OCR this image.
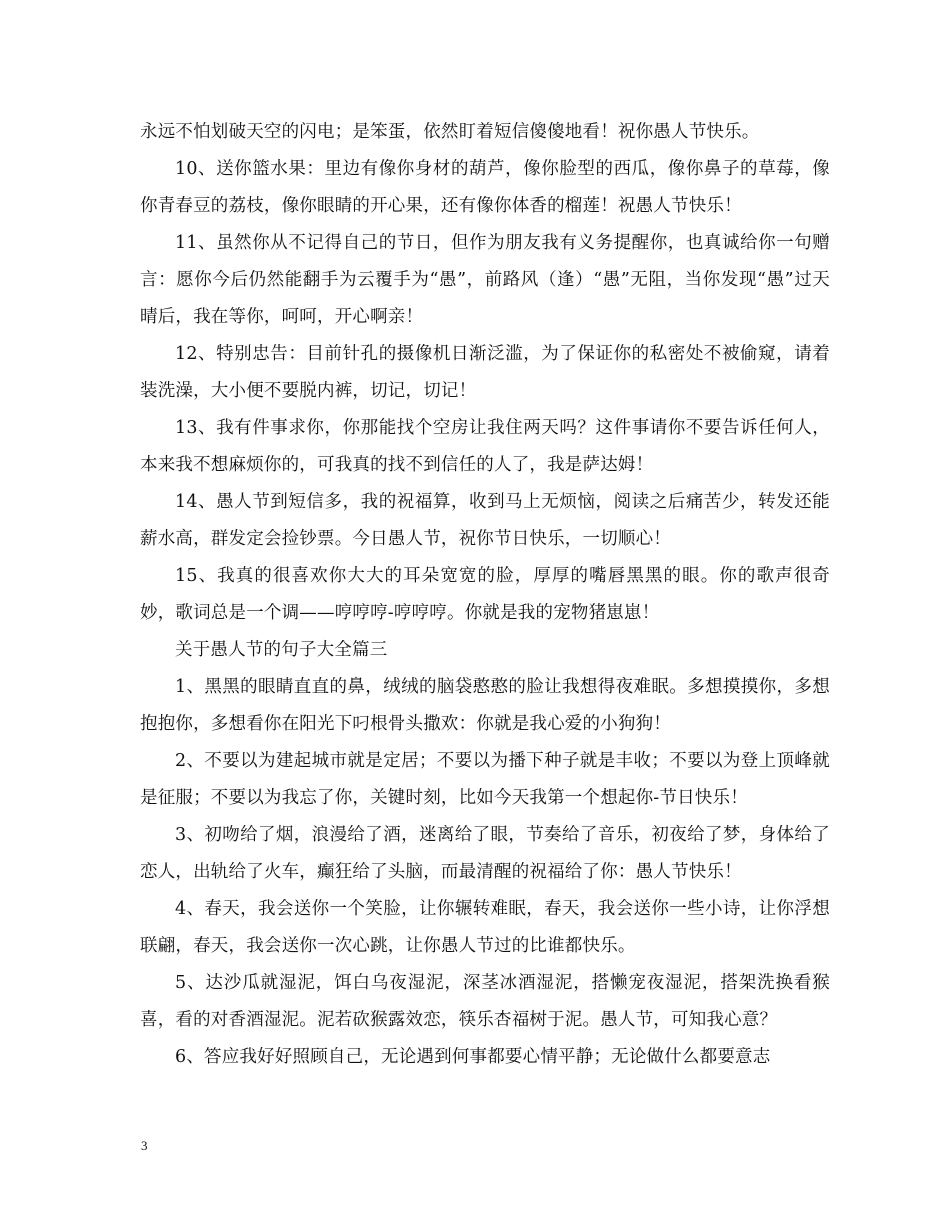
永远不怕划破天空的闪电；是笨蛋，依然盯着短信傻傻地看！祝你愚人节快乐。

10、送你篮水果：里边有像你身材的葫芦，像你脸型的西瓜，像你鼻子的草莓，像你青春豆的荔枝，像你眼睛的开心果，还有像你体香的榴莲！祝愚人节快乐！

11、虽然你从不记得自己的节日，但作为朋友我有义务提醒你，也真诚给你一句赠言：愿你今后仍然能翻手为云覆手为“愚”，前路风（逢）“愚”无阻，当你发现“愚”过天晴后，我在等你，呵呵，开心啊亲！

12、特别忠告：目前针孔的摄像机日渐泛滥，为了保证你的私密处不被偷窥，请着装洗澡，大小便不要脱内裤，切记，切记！

13、我有件事求你，你那能找个空房让我住两天吗？这件事请你不要告诉任何人，本来我不想麻烦你的，可我真的找不到信任的人了，我是萨达姆！

14、愚人节到短信多，我的祝福算，收到马上无烦恼，阅读之后痛苦少，转发还能薪水高，群发定会捡钞票。今日愚人节，祝你节日快乐，一切顺心！

15、我真的很喜欢你大大的耳朵宽宽的脸，厚厚的嘴唇黑黑的眼。你的歌声很奇妙，歌词总是一个调——哼哼哼-哼哼哼。你就是我的宠物猪崽崽！

关于愚人节的句子大全篇三

1、黑黑的眼睛直直的鼻，绒绒的脑袋憨憨的脸让我想得夜难眠。多想摸摸你，多想抱抱你，多想看你在阳光下叼根骨头撒欢：你就是我心爱的小狗狗！

2、不要以为建起城市就是定居；不要以为播下种子就是丰收；不要以为登上顶峰就是征服；不要以为我忘了你，关键时刻，比如今天我第一个想起你-节日快乐！

3、初吻给了烟，浪漫给了酒，迷离给了眼，节奏给了音乐，初夜给了梦，身体给了恋人，出轨给了火车，癫狂给了头脑，而最清醒的祝福给了你：愚人节快乐！

4、春天，我会送你一个笑脸，让你辗转难眠，春天，我会送你一些小诗，让你浮想联翩，春天，我会送你一次心跳，让你愚人节过的比谁都快乐。

5、达沙瓜就湿泥，饵白乌夜湿泥，深茎冰酒湿泥，搭懒宠夜湿泥，搭架洗换看猴喜，看的对香酒湿泥。泥若砍猴露效恋，筷乐杏福树于泥。愚人节，可知我心意？

6、答应我好好照顾自己，无论遇到何事都要心情平静；无论做什么都要意志

3
